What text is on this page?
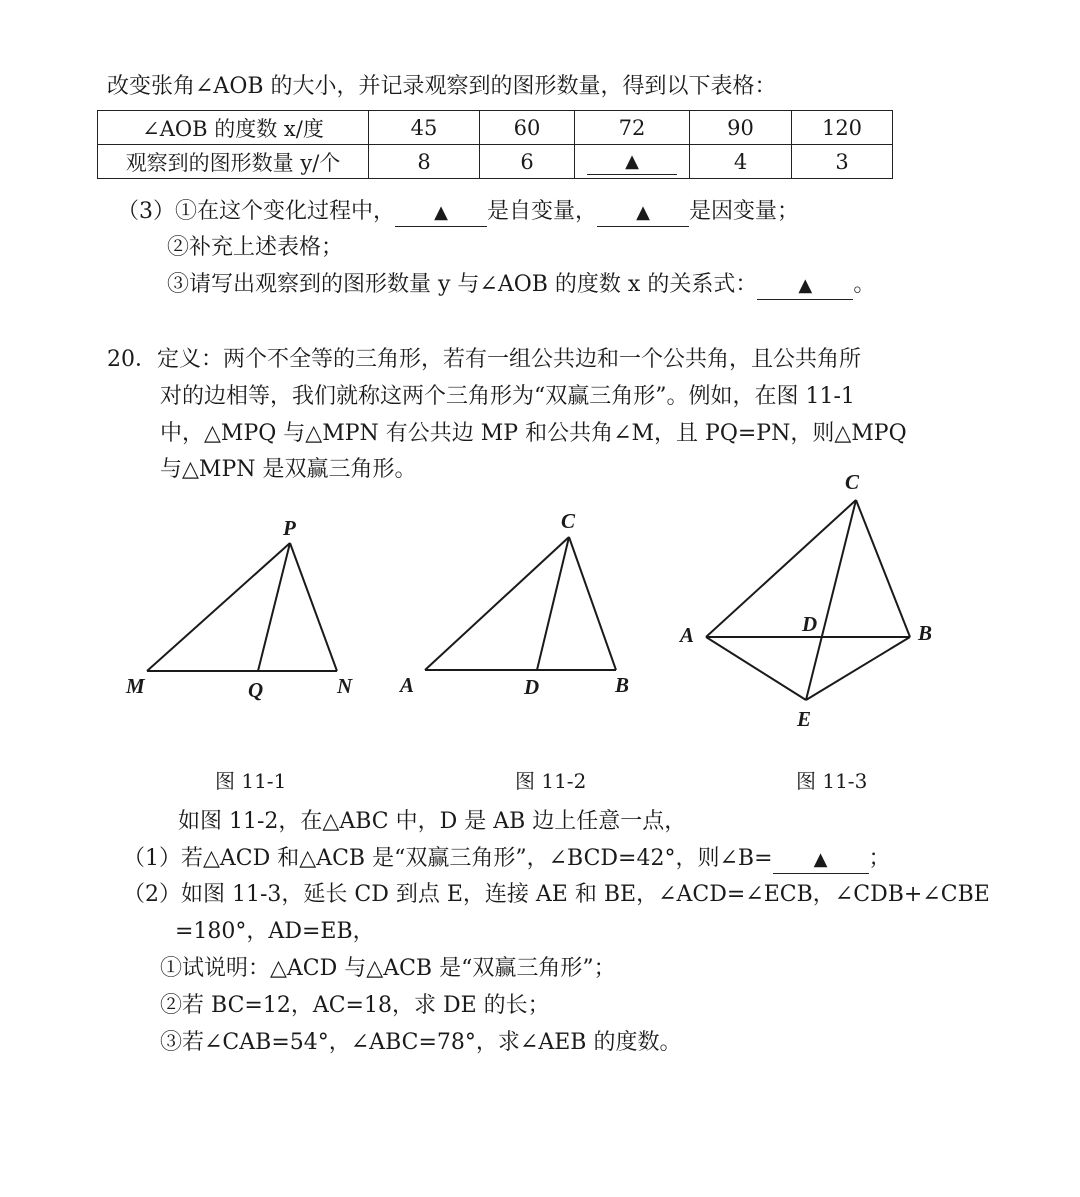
改变张角∠AOB 的大小，并记录观察到的图形数量，得到以下表格：
∠AOB 的度数 x/度	45	60	72	90	120
观察到的图形数量 y/个	8	6	▲	4	3
（3）①在这个变化过程中， ▲ 是自变量， ▲ 是因变量；
②补充上述表格；
③请写出观察到的图形数量 y 与∠AOB 的度数 x 的关系式： ▲ 。
20．定义：两个不全等的三角形，若有一组公共边和一个公共角，且公共角所
对的边相等，我们就称这两个三角形为“双赢三角形”。例如，在图 11-1
中，△MPQ 与△MPN 有公共边 MP 和公共角∠M，且 PQ=PN，则△MPQ
与△MPN 是双赢三角形。
P
M	Q	N
C
A	D	B
C
A	D	B
E
图 11-1	图 11-2	图 11-3
如图 11-2，在△ABC 中，D 是 AB 边上任意一点，
（1）若△ACD 和△ACB 是“双赢三角形”，∠BCD=42°，则∠B= ▲ ；
（2）如图 11-3，延长 CD 到点 E，连接 AE 和 BE，∠ACD=∠ECB，∠CDB+∠CBE
=180°，AD=EB，
①试说明：△ACD 与△ACB 是“双赢三角形”；
②若 BC=12，AC=18，求 DE 的长；
③若∠CAB=54°，∠ABC=78°，求∠AEB 的度数。
